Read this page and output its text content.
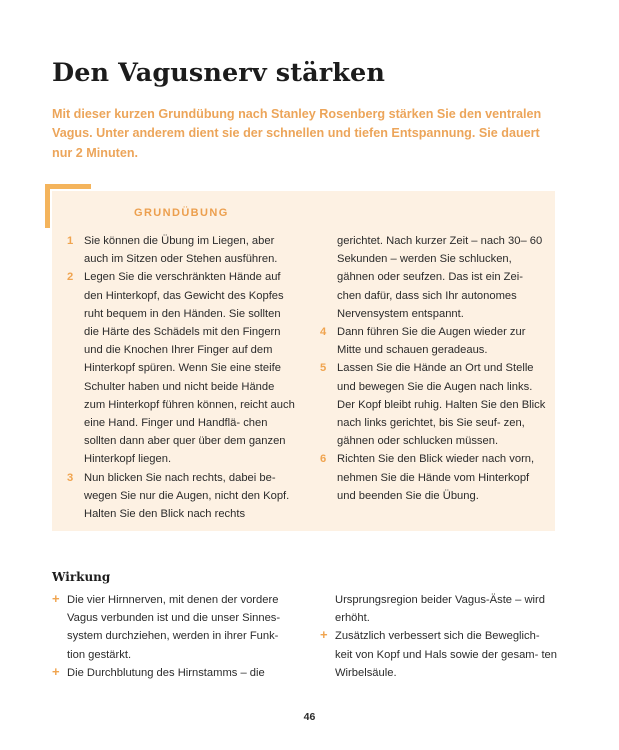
Den Vagusnerv stärken

Mit dieser kurzen Grundübung nach Stanley Rosenberg stärken Sie den ventralen Vagus. Unter anderem dient sie der schnellen und tiefen Entspannung. Sie dauert nur 2 Minuten.

GRUNDÜBUNG
1 Sie können die Übung im Liegen, aber auch im Sitzen oder Stehen ausführen.
2 Legen Sie die verschränkten Hände auf den Hinterkopf, das Gewicht des Kopfes ruht bequem in den Händen. Sie sollten die Härte des Schädels mit den Fingern und die Knochen Ihrer Finger auf dem Hinterkopf spüren. Wenn Sie eine steife Schulter haben und nicht beide Hände zum Hinterkopf führen können, reicht auch eine Hand. Finger und Handflä- chen sollten dann aber quer über dem ganzen Hinterkopf liegen.
3 Nun blicken Sie nach rechts, dabei be- wegen Sie nur die Augen, nicht den Kopf. Halten Sie den Blick nach rechts
gerichtet. Nach kurzer Zeit – nach 30– 60 Sekunden – werden Sie schlucken, gähnen oder seufzen. Das ist ein Zei- chen dafür, dass sich Ihr autonomes Nervensystem entspannt.
4 Dann führen Sie die Augen wieder zur Mitte und schauen geradeaus.
5 Lassen Sie die Hände an Ort und Stelle und bewegen Sie die Augen nach links. Der Kopf bleibt ruhig. Halten Sie den Blick nach links gerichtet, bis Sie seuf- zen, gähnen oder schlucken müssen.
6 Richten Sie den Blick wieder nach vorn, nehmen Sie die Hände vom Hinterkopf und beenden Sie die Übung.
Wirkung
+ Die vier Hirnnerven, mit denen der vordere Vagus verbunden ist und die unser Sinnes- system durchziehen, werden in ihrer Funk- tion gestärkt.
+ Die Durchblutung des Hirnstamms – die
Ursprungsregion beider Vagus-Äste – wird erhöht.
+ Zusätzlich verbessert sich die Beweglich- keit von Kopf und Hals sowie der gesam- ten Wirbelsäule.
46
